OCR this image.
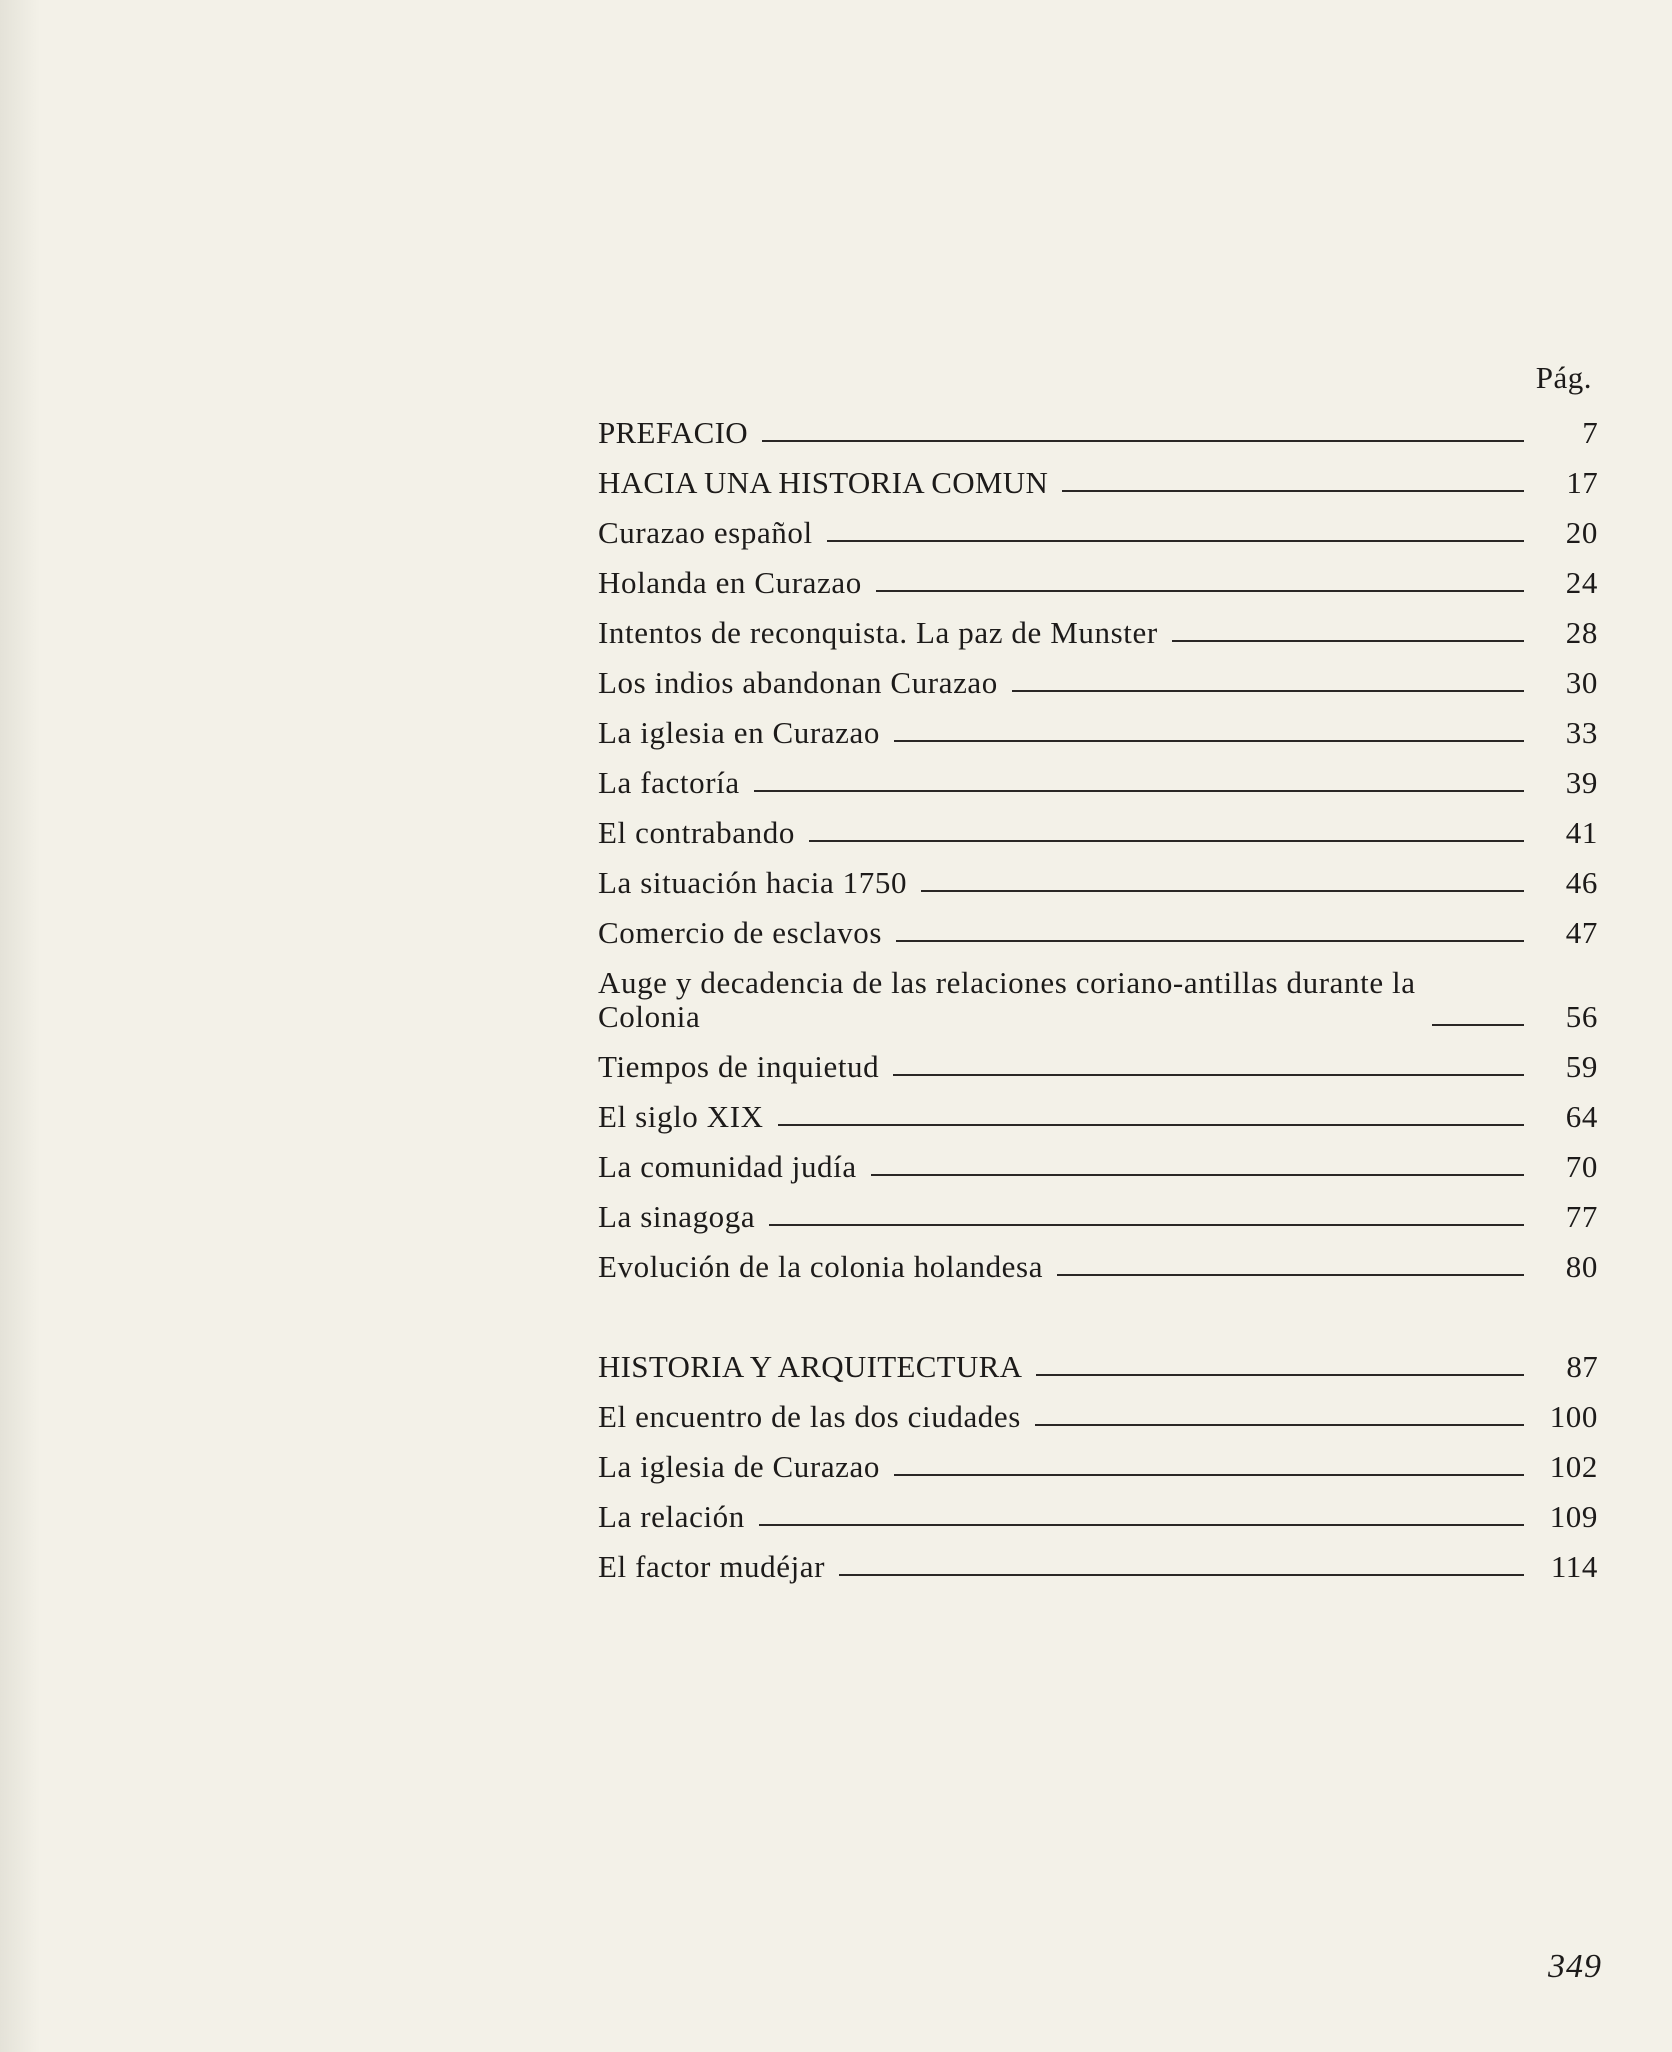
Pág.
PREFACIO	7
HACIA UNA HISTORIA COMUN	17
Curazao español	20
Holanda en Curazao	24
Intentos de reconquista. La paz de Munster	28
Los indios abandonan Curazao	30
La iglesia en Curazao	33
La factoría	39
El contrabando	41
La situación hacia 1750	46
Comercio de esclavos	47
Auge y decadencia de las relaciones coriano-antillas durante la Colonia	56
Tiempos de inquietud	59
El siglo XIX	64
La comunidad judía	70
La sinagoga	77
Evolución de la colonia holandesa	80
HISTORIA Y ARQUITECTURA	87
El encuentro de las dos ciudades	100
La iglesia de Curazao	102
La relación	109
El factor mudéjar	114
349
